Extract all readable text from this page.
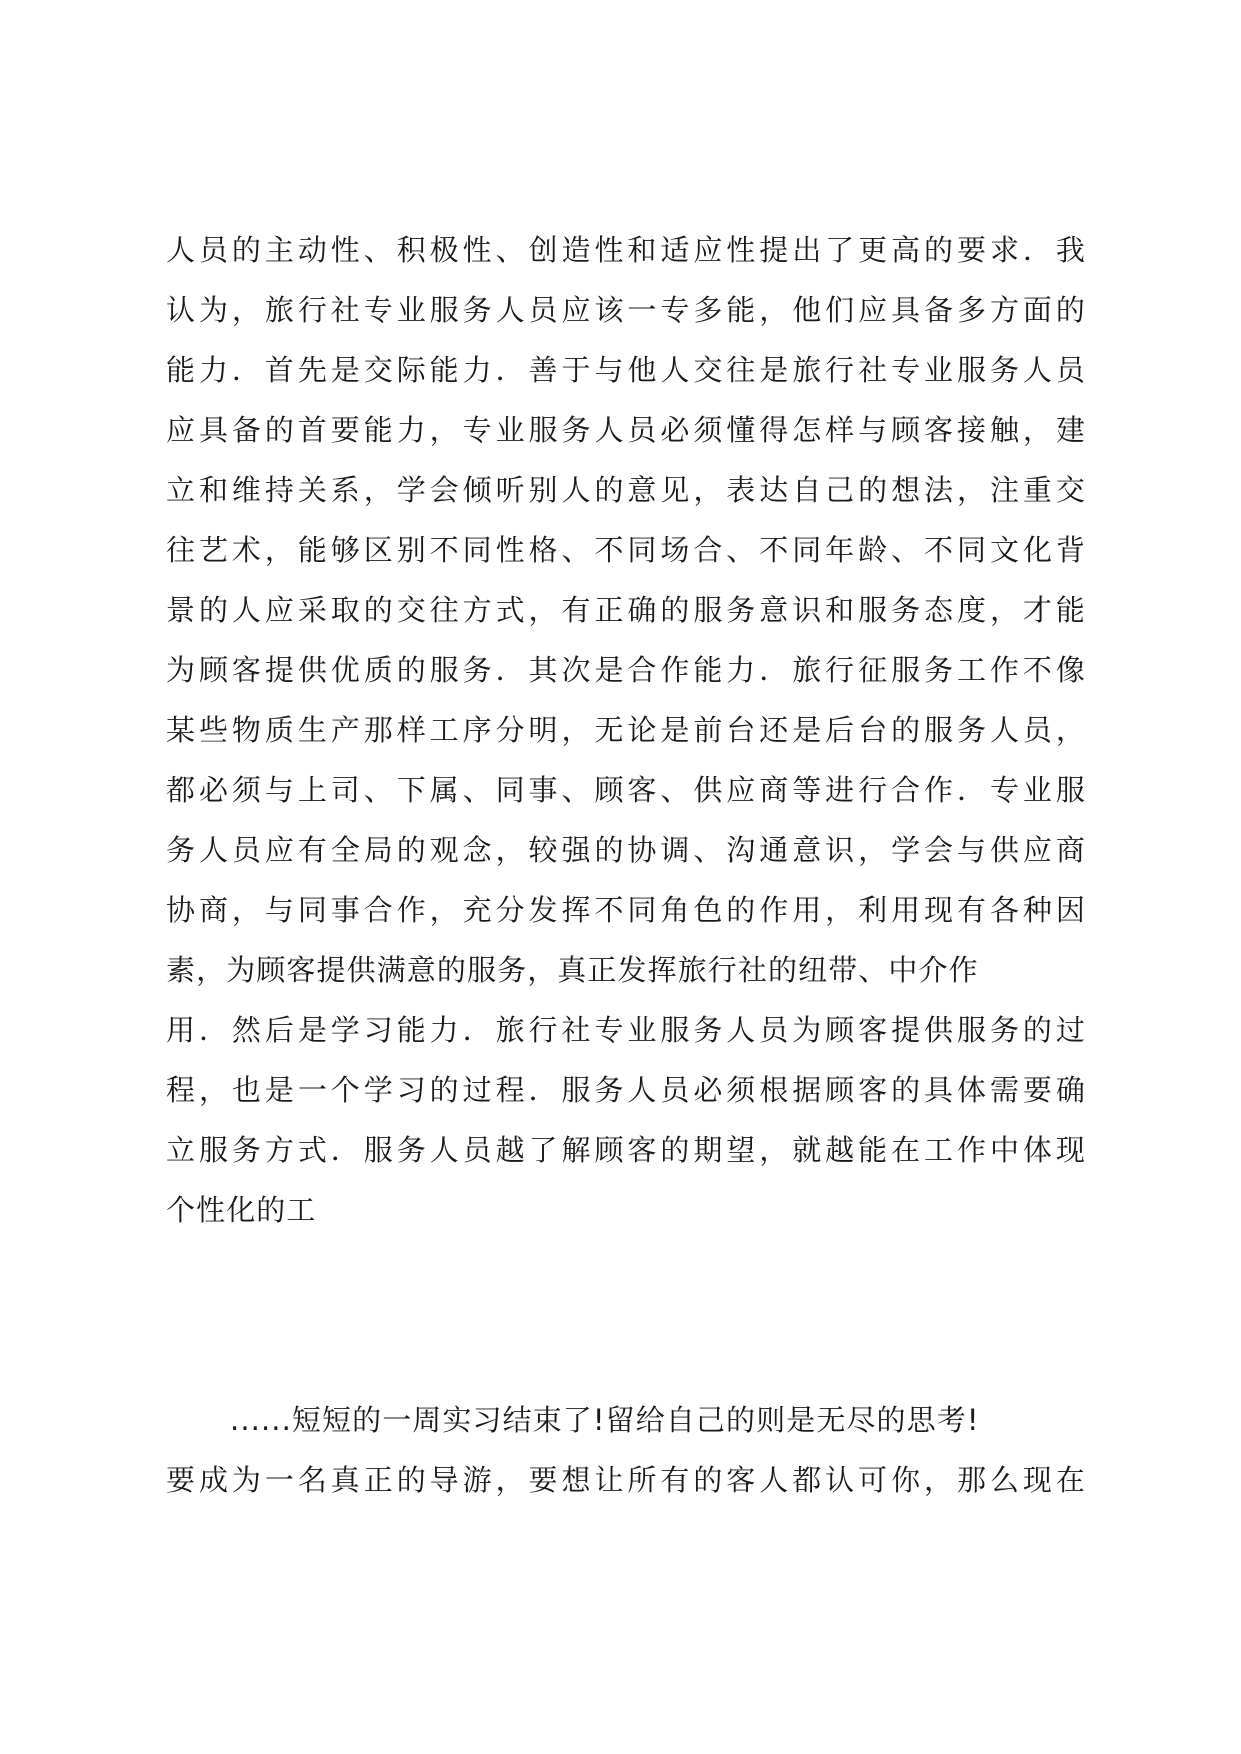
人员的主动性、积极性、创造性和适应性提出了更高的要求．我
认为，旅行社专业服务人员应该一专多能，他们应具备多方面的
能力．首先是交际能力．善于与他人交往是旅行社专业服务人员
应具备的首要能力，专业服务人员必须懂得怎样与顾客接触，建
立和维持关系，学会倾听别人的意见，表达自己的想法，注重交
往艺术，能够区别不同性格、不同场合、不同年龄、不同文化背
景的人应采取的交往方式，有正确的服务意识和服务态度，才能
为顾客提供优质的服务．其次是合作能力．旅行征服务工作不像
某些物质生产那样工序分明，无论是前台还是后台的服务人员，
都必须与上司、下属、同事、顾客、供应商等进行合作．专业服
务人员应有全局的观念，较强的协调、沟通意识，学会与供应商
协商，与同事合作，充分发挥不同角色的作用，利用现有各种因
素，为顾客提供满意的服务，真正发挥旅行社的纽带、中介作
用．然后是学习能力．旅行社专业服务人员为顾客提供服务的过
程，也是一个学习的过程．服务人员必须根据顾客的具体需要确
立服务方式．服务人员越了解顾客的期望，就越能在工作中体现
个性化的工
......短短的一周实习结束了!留给自己的则是无尽的思考!
要成为一名真正的导游，要想让所有的客人都认可你，那么现在
